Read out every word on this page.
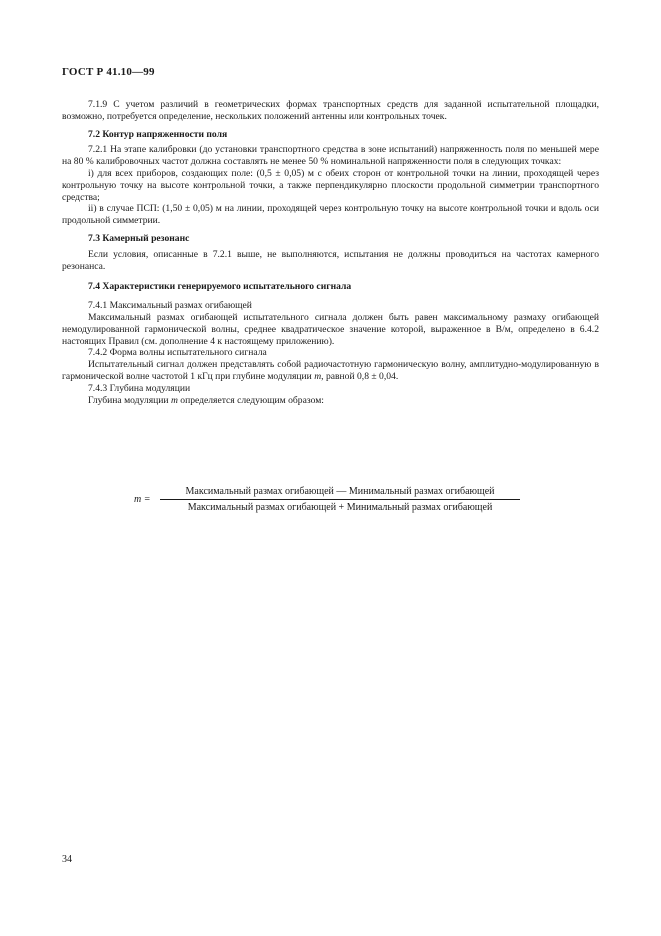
ГОСТ Р 41.10—99

7.1.9 С учетом различий в геометрических формах транспортных средств для заданной испытательной площадки, возможно, потребуется определение, нескольких положений антенны или контрольных точек.

7.2 Контур напряженности поля

7.2.1 На этапе калибровки (до установки транспортного средства в зоне испытаний) напряженность поля по меньшей мере на 80 % калибровочных частот должна составлять не менее 50 % номинальной напряженности поля в следующих точках:

i) для всех приборов, создающих поле: (0,5 ± 0,05) м с обеих сторон от контрольной точки на линии, проходящей через контрольную точку на высоте контрольной точки, а также перпендикулярно плоскости продольной симметрии транспортного средства;

ii) в случае ПСП: (1,50 ± 0,05) м на линии, проходящей через контрольную точку на высоте контрольной точки и вдоль оси продольной симметрии.

7.3 Камерный резонанс

Если условия, описанные в 7.2.1 выше, не выполняются, испытания не должны проводиться на частотах камерного резонанса.

7.4 Характеристики генерируемого испытательного сигнала

7.4.1 Максимальный размах огибающей

Максимальный размах огибающей испытательного сигнала должен быть равен максимальному размаху огибающей немодулированной гармонической волны, среднее квадратическое значение которой, выраженное в В/м, определено в 6.4.2 настоящих Правил (см. дополнение 4 к настоящему приложению).

7.4.2 Форма волны испытательного сигнала

Испытательный сигнал должен представлять собой радиочастотную гармоническую волну, амплитудно-модулированную в гармонической волне частотой 1 кГц при глубине модуляции m, равной 0,8 ± 0,04.

7.4.3 Глубина модуляции

Глубина модуляции m определяется следующим образом:

m =
Максимальный размах огибающей — Минимальный размах огибающей
Максимальный размах огибающей + Минимальный размах огибающей
34
